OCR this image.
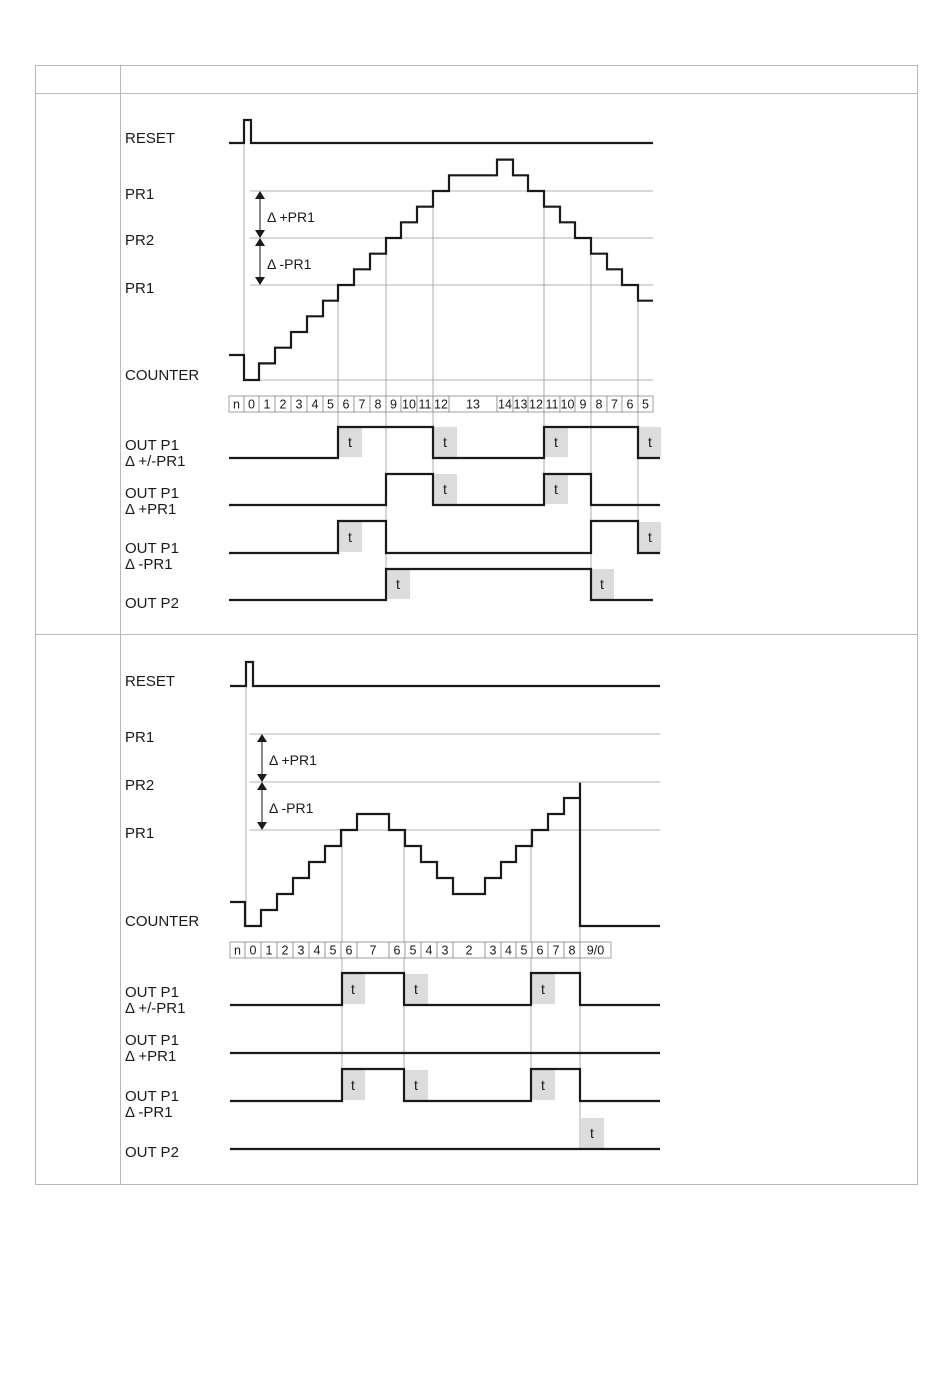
RESET
PR1
PR2
PR1
COUNTER
OUT P1
Δ +/-PR1
OUT P1
Δ +PR1
OUT P1
Δ -PR1
OUT P2
Δ +PR1
Δ -PR1
n 0 1 2 3 4 5 6 7 8 9 10 11 12 13 14 13 12 11 10 9 8 7 6 5
t	t	t	t
t	t
t	t
t	t
RESET
PR1
PR2
PR1
COUNTER
OUT P1
Δ +/-PR1
OUT P1
Δ +PR1
OUT P1
Δ -PR1
OUT P2
Δ +PR1
Δ -PR1
n 0 1 2 3 4 5 6 7 6 5 4 3 2 3 4 5 6 7 8 9/0
t	t	t
t	t	t
t
